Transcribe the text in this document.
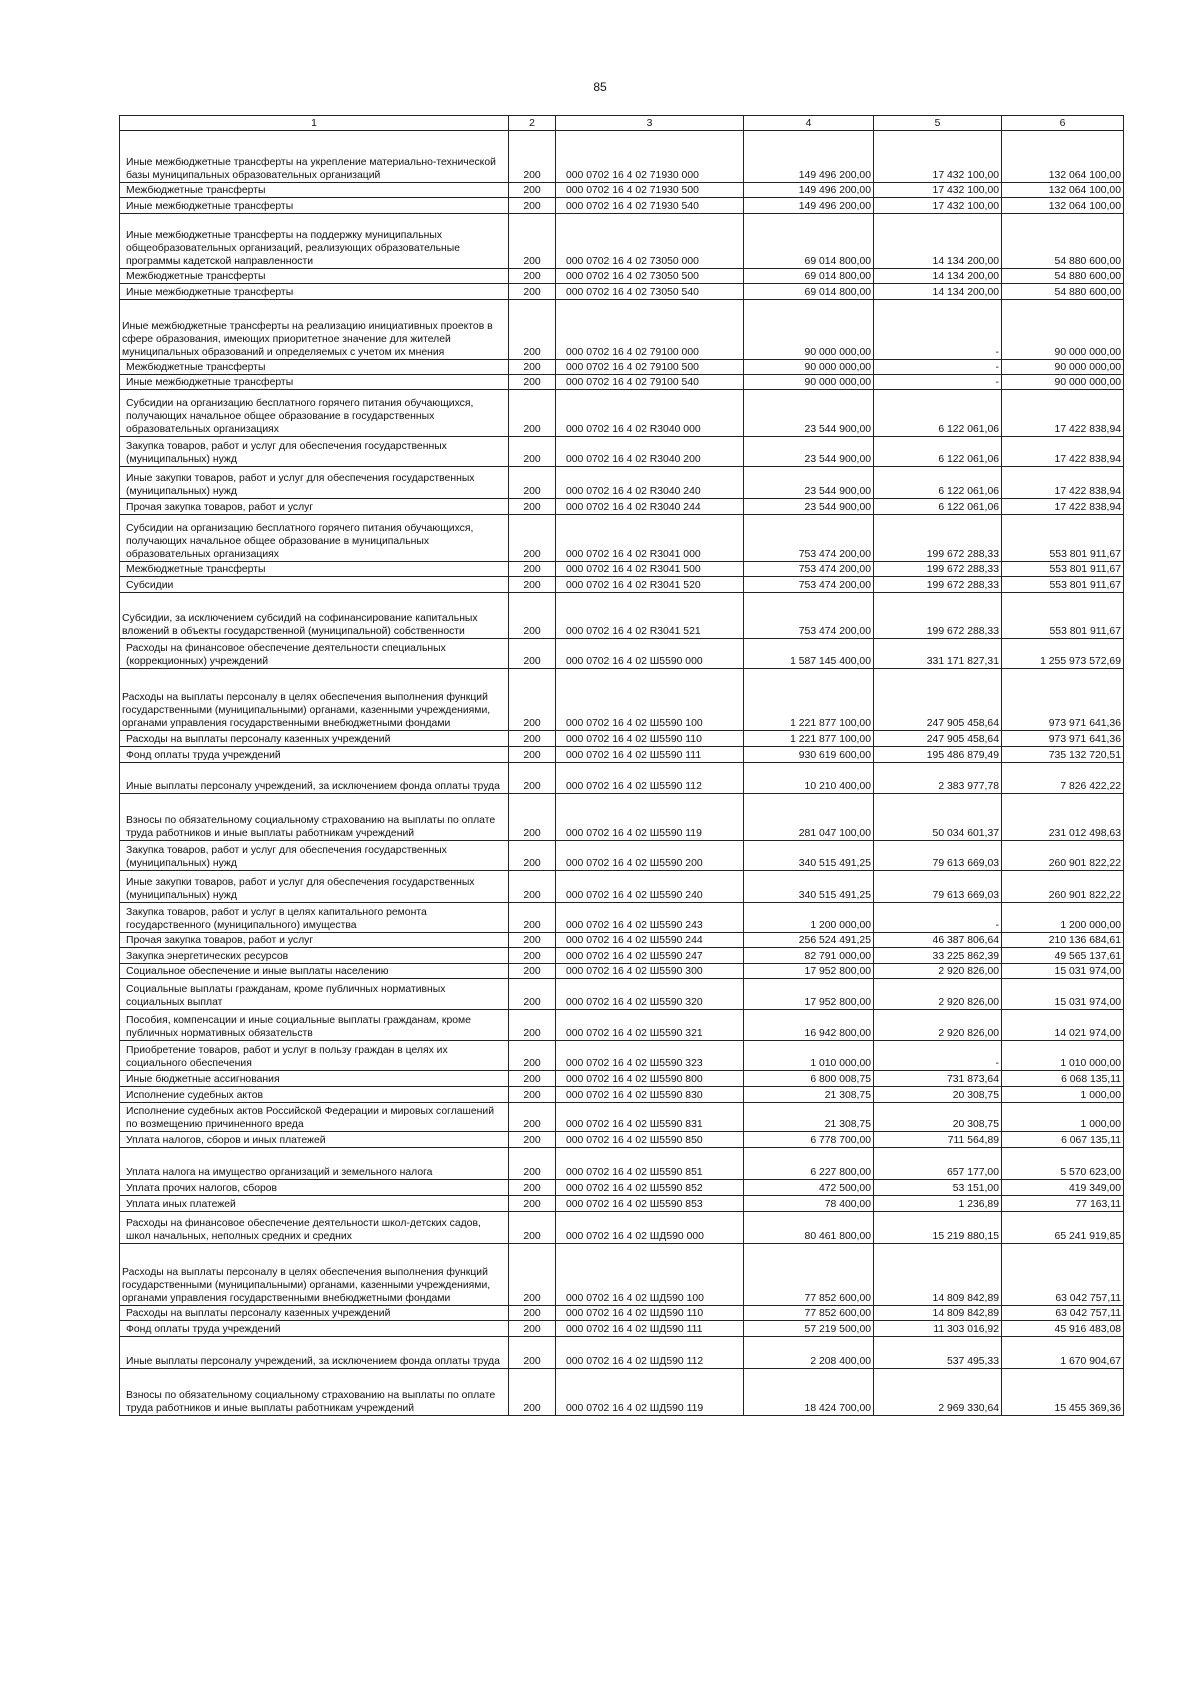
85
1	2	3	4	5	6

Иные межбюджетные трансферты на укрепление материально-технической базы муниципальных образовательных организаций	200	000 0702 16 4 02 71930 000	149 496 200,00	17 432 100,00	132 064 100,00
Межбюджетные трансферты	200	000 0702 16 4 02 71930 500	149 496 200,00	17 432 100,00	132 064 100,00
Иные межбюджетные трансферты	200	000 0702 16 4 02 71930 540	149 496 200,00	17 432 100,00	132 064 100,00

Иные межбюджетные трансферты на поддержку муниципальных общеобразовательных организаций, реализующих образовательные программы кадетской направленности	200	000 0702 16 4 02 73050 000	69 014 800,00	14 134 200,00	54 880 600,00
Межбюджетные трансферты	200	000 0702 16 4 02 73050 500	69 014 800,00	14 134 200,00	54 880 600,00
Иные межбюджетные трансферты	200	000 0702 16 4 02 73050 540	69 014 800,00	14 134 200,00	54 880 600,00
Иные межбюджетные трансферты на реализацию инициативных проектов в сфере образования, имеющих приоритетное значение для жителей муниципальных образований и определяемых с учетом их мнения	200	000 0702 16 4 02 79100 000	90 000 000,00	-	90 000 000,00
Межбюджетные трансферты	200	000 0702 16 4 02 79100 500	90 000 000,00	-	90 000 000,00
Иные межбюджетные трансферты	200	000 0702 16 4 02 79100 540	90 000 000,00	-	90 000 000,00
Субсидии на организацию бесплатного горячего питания обучающихся, получающих начальное общее образование в государственных образовательных организациях	200	000 0702 16 4 02 R3040 000	23 544 900,00	6 122 061,06	17 422 838,94
Закупка товаров, работ и услуг для обеспечения государственных (муниципальных) нужд	200	000 0702 16 4 02 R3040 200	23 544 900,00	6 122 061,06	17 422 838,94
Иные закупки товаров, работ и услуг для обеспечения государственных (муниципальных) нужд	200	000 0702 16 4 02 R3040 240	23 544 900,00	6 122 061,06	17 422 838,94
Прочая закупка товаров, работ и услуг	200	000 0702 16 4 02 R3040 244	23 544 900,00	6 122 061,06	17 422 838,94
Субсидии на организацию бесплатного горячего питания обучающихся, получающих начальное общее образование в муниципальных образовательных организациях	200	000 0702 16 4 02 R3041 000	753 474 200,00	199 672 288,33	553 801 911,67
Межбюджетные трансферты	200	000 0702 16 4 02 R3041 500	753 474 200,00	199 672 288,33	553 801 911,67
Субсидии	200	000 0702 16 4 02 R3041 520	753 474 200,00	199 672 288,33	553 801 911,67
Субсидии, за исключением субсидий на софинансирование капитальных вложений в объекты государственной (муниципальной) собственности	200	000 0702 16 4 02 R3041 521	753 474 200,00	199 672 288,33	553 801 911,67
Расходы на финансовое обеспечение деятельности специальных (коррекционных) учреждений	200	000 0702 16 4 02 Ш5590 000	1 587 145 400,00	331 171 827,31	1 255 973 572,69
Расходы на выплаты персоналу в целях обеспечения выполнения функций государственными (муниципальными) органами, казенными учреждениями, органами управления государственными внебюджетными фондами	200	000 0702 16 4 02 Ш5590 100	1 221 877 100,00	247 905 458,64	973 971 641,36
Расходы на выплаты персоналу казенных учреждений	200	000 0702 16 4 02 Ш5590 110	1 221 877 100,00	247 905 458,64	973 971 641,36
Фонд оплаты труда учреждений	200	000 0702 16 4 02 Ш5590 111	930 619 600,00	195 486 879,49	735 132 720,51
Иные выплаты персоналу учреждений, за исключением фонда оплаты труда	200	000 0702 16 4 02 Ш5590 112	10 210 400,00	2 383 977,78	7 826 422,22
Взносы по обязательному социальному страхованию на выплаты по оплате труда работников и иные выплаты работникам учреждений	200	000 0702 16 4 02 Ш5590 119	281 047 100,00	50 034 601,37	231 012 498,63
Закупка товаров, работ и услуг для обеспечения государственных (муниципальных) нужд	200	000 0702 16 4 02 Ш5590 200	340 515 491,25	79 613 669,03	260 901 822,22
Иные закупки товаров, работ и услуг для обеспечения государственных (муниципальных) нужд	200	000 0702 16 4 02 Ш5590 240	340 515 491,25	79 613 669,03	260 901 822,22
Закупка товаров, работ и услуг в целях капитального ремонта государственного (муниципального) имущества	200	000 0702 16 4 02 Ш5590 243	1 200 000,00	-	1 200 000,00
Прочая закупка товаров, работ и услуг	200	000 0702 16 4 02 Ш5590 244	256 524 491,25	46 387 806,64	210 136 684,61
Закупка энергетических ресурсов	200	000 0702 16 4 02 Ш5590 247	82 791 000,00	33 225 862,39	49 565 137,61
Социальное обеспечение и иные выплаты населению	200	000 0702 16 4 02 Ш5590 300	17 952 800,00	2 920 826,00	15 031 974,00
Социальные выплаты гражданам, кроме публичных нормативных социальных выплат	200	000 0702 16 4 02 Ш5590 320	17 952 800,00	2 920 826,00	15 031 974,00
Пособия, компенсации и иные социальные выплаты гражданам, кроме публичных нормативных обязательств	200	000 0702 16 4 02 Ш5590 321	16 942 800,00	2 920 826,00	14 021 974,00
Приобретение товаров, работ и услуг в пользу граждан в целях их социального обеспечения	200	000 0702 16 4 02 Ш5590 323	1 010 000,00	-	1 010 000,00
Иные бюджетные ассигнования	200	000 0702 16 4 02 Ш5590 800	6 800 008,75	731 873,64	6 068 135,11
Исполнение судебных актов	200	000 0702 16 4 02 Ш5590 830	21 308,75	20 308,75	1 000,00
Исполнение судебных актов Российской Федерации и мировых соглашений по возмещению причиненного вреда	200	000 0702 16 4 02 Ш5590 831	21 308,75	20 308,75	1 000,00
Уплата налогов, сборов и иных платежей	200	000 0702 16 4 02 Ш5590 850	6 778 700,00	711 564,89	6 067 135,11

Уплата налога на имущество организаций и земельного налога	200	000 0702 16 4 02 Ш5590 851	6 227 800,00	657 177,00	5 570 623,00
Уплата прочих налогов, сборов	200	000 0702 16 4 02 Ш5590 852	472 500,00	53 151,00	419 349,00
Уплата иных платежей	200	000 0702 16 4 02 Ш5590 853	78 400,00	1 236,89	77 163,11
Расходы на финансовое обеспечение деятельности школ-детских садов, школ начальных, неполных средних и средних	200	000 0702 16 4 02 ШД590 000	80 461 800,00	15 219 880,15	65 241 919,85
Расходы на выплаты персоналу в целях обеспечения выполнения функций государственными (муниципальными) органами, казенными учреждениями, органами управления государственными внебюджетными фондами	200	000 0702 16 4 02 ШД590 100	77 852 600,00	14 809 842,89	63 042 757,11
Расходы на выплаты персоналу казенных учреждений	200	000 0702 16 4 02 ШД590 110	77 852 600,00	14 809 842,89	63 042 757,11
Фонд оплаты труда учреждений	200	000 0702 16 4 02 ШД590 111	57 219 500,00	11 303 016,92	45 916 483,08
Иные выплаты персоналу учреждений, за исключением фонда оплаты труда	200	000 0702 16 4 02 ШД590 112	2 208 400,00	537 495,33	1 670 904,67
Взносы по обязательному социальному страхованию на выплаты по оплате труда работников и иные выплаты работникам учреждений	200	000 0702 16 4 02 ШД590 119	18 424 700,00	2 969 330,64	15 455 369,36
